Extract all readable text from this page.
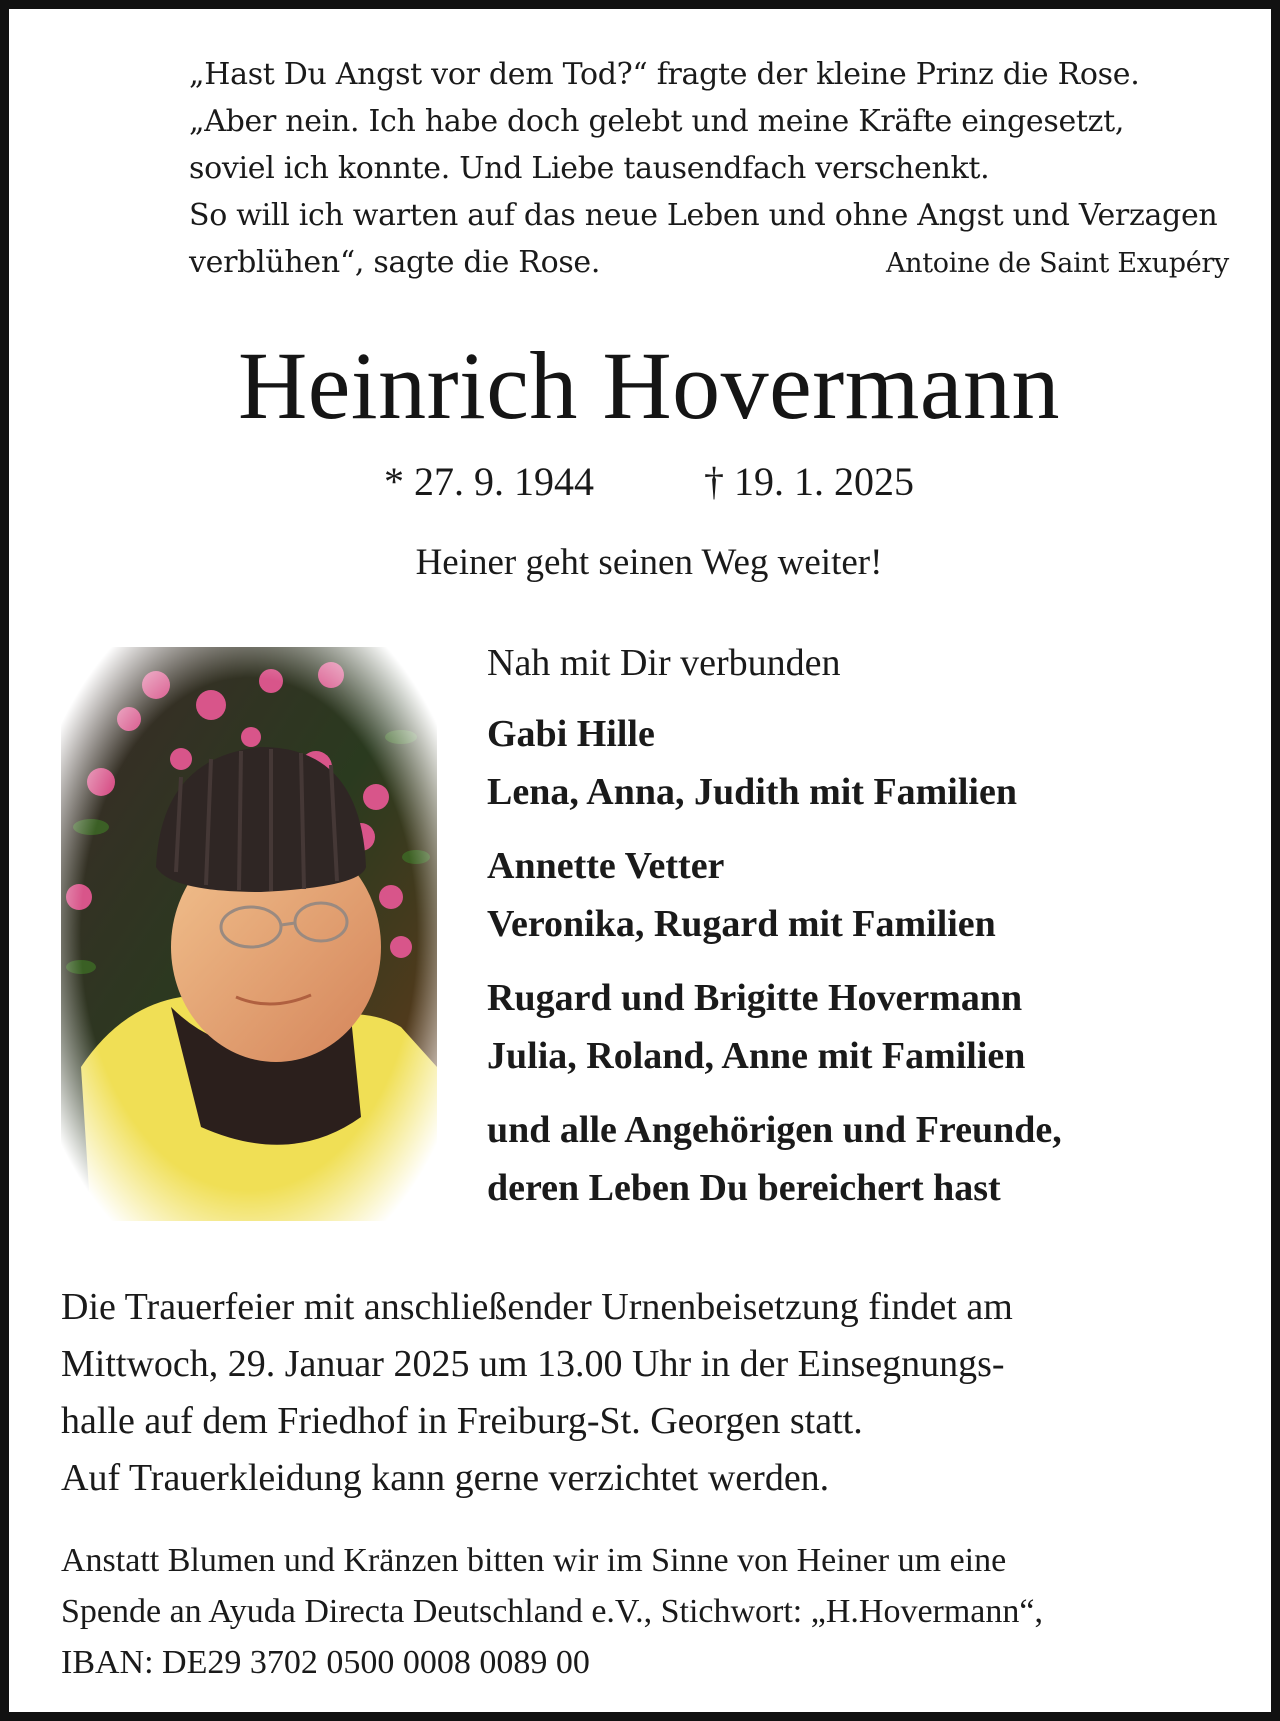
„Hast Du Angst vor dem Tod?“ fragte der kleine Prinz die Rose.
„Aber nein. Ich habe doch gelebt und meine Kräfte eingesetzt,
soviel ich konnte. Und Liebe tausendfach verschenkt.
So will ich warten auf das neue Leben und ohne Angst und Verzagen
verblühen“, sagte die Rose.	Antoine de Saint Exupéry
Heinrich Hovermann
* 27. 9. 1944	† 19. 1. 2025
Heiner geht seinen Weg weiter!
Nah mit Dir verbunden
Gabi Hille
Lena, Anna, Judith mit Familien
Annette Vetter
Veronika, Rugard mit Familien
Rugard und Brigitte Hovermann
Julia, Roland, Anne mit Familien
und alle Angehörigen und Freunde,
deren Leben Du bereichert hast
Die Trauerfeier mit anschließender Urnenbeisetzung findet am
Mittwoch, 29. Januar 2025 um 13.00 Uhr in der Einsegnungs-
halle auf dem Friedhof in Freiburg-St. Georgen statt.
Auf Trauerkleidung kann gerne verzichtet werden.
Anstatt Blumen und Kränzen bitten wir im Sinne von Heiner um eine
Spende an Ayuda Directa Deutschland e.V., Stichwort: „H.Hovermann“,
IBAN: DE29 3702 0500 0008 0089 00
